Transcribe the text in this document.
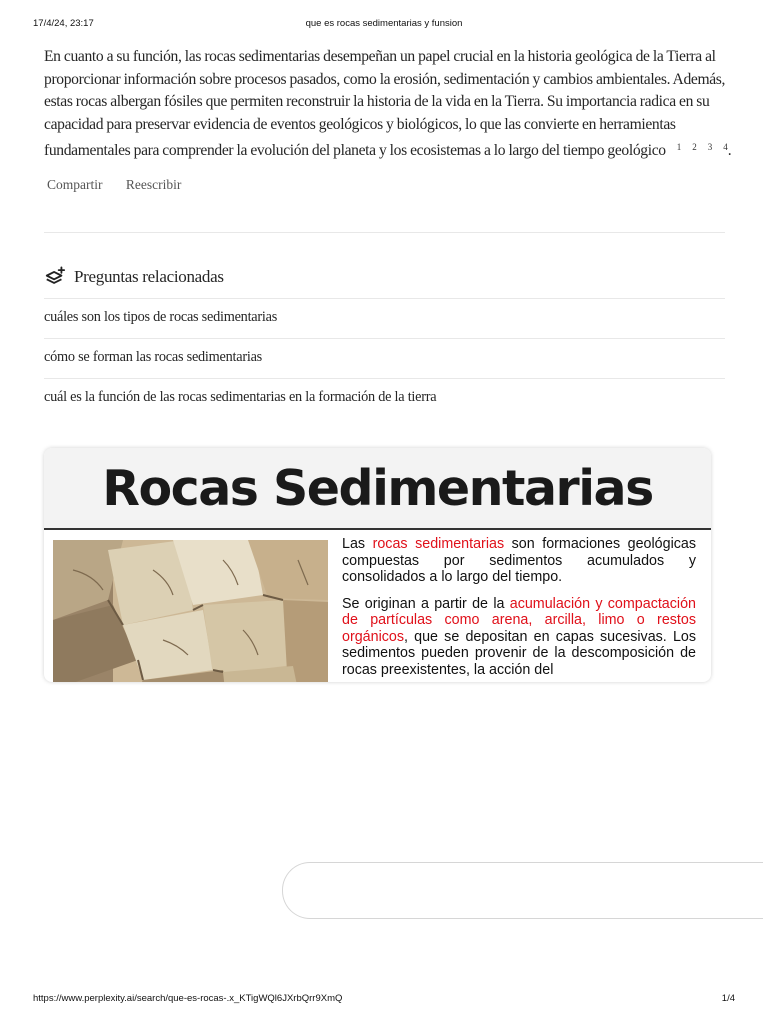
17/4/24, 23:17	que es rocas sedimentarias y funsion
En cuanto a su función, las rocas sedimentarias desempeñan un papel crucial en la historia geológica de la Tierra al proporcionar información sobre procesos pasados, como la erosión, sedimentación y cambios ambientales. Además, estas rocas albergan fósiles que permiten reconstruir la historia de la vida en la Tierra. Su importancia radica en su capacidad para preservar evidencia de eventos geológicos y biológicos, lo que las convierte en herramientas fundamentales para comprender la evolución del planeta y los ecosistemas a lo largo del tiempo geológico $^{1 2 3 4}$.
Compartir Reescribir
Preguntas relacionadas
cuáles son los tipos de rocas sedimentarias
cómo se forman las rocas sedimentarias
cuál es la función de las rocas sedimentarias en la formación de la tierra
Rocas Sedimentarias

Las rocas sedimentarias son formaciones geológicas compuestas por sedimentos acumulados y consolidados a lo largo del tiempo.

Se originan a partir de la acumulación y compactación de partículas como arena, arcilla, limo o restos orgánicos, que se depositan en capas sucesivas. Los sedimentos pueden provenir de la descomposición de rocas preexistentes, la acción del

https://www.perplexity.ai/search/que-es-rocas-.x_KTigWQl6JXrbQrr9XmQ	1/4
